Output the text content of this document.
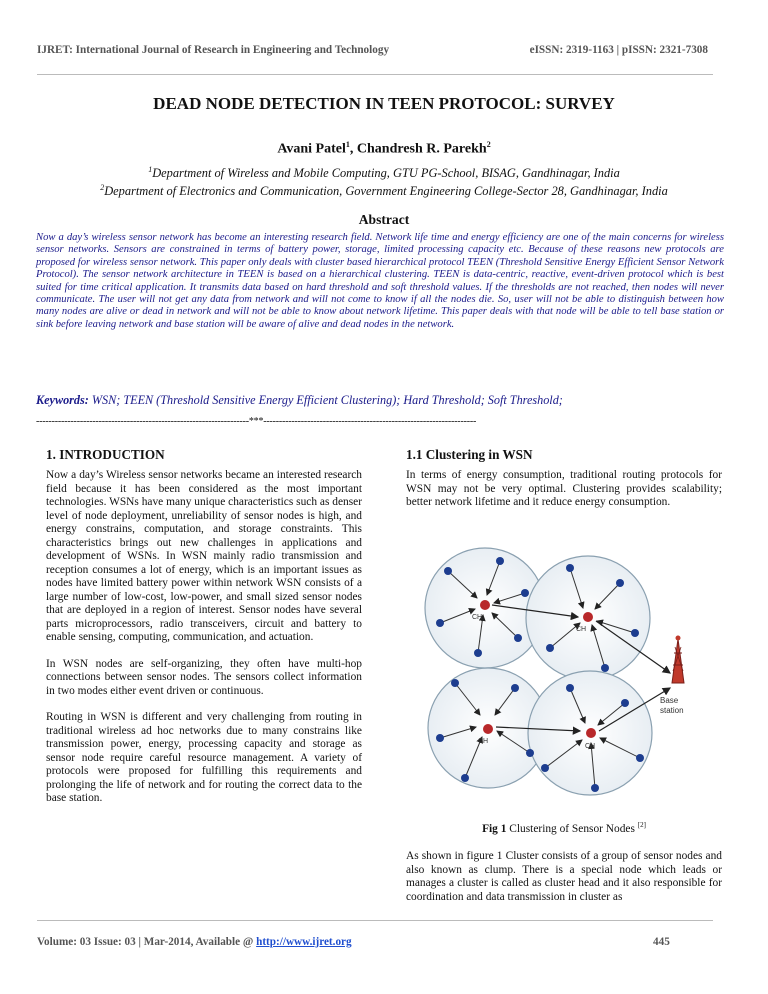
IJRET: International Journal of Research in Engineering and Technology	eISSN: 2319-1163 | pISSN: 2321-7308
DEAD NODE DETECTION IN TEEN PROTOCOL: SURVEY
Avani Patel$^1$, Chandresh R. Parekh$^2$
$^1$Department of Wireless and Mobile Computing, GTU PG-School, BISAG, Gandhinagar, India
$^2$Department of Electronics and Communication, Government Engineering College-Sector 28, Gandhinagar, India
Abstract
Now a day’s wireless sensor network has become an interesting research field. Network life time and energy efficiency are one of the main concerns for wireless sensor networks. Sensors are constrained in terms of battery power, storage, limited processing capacity etc. Because of these reasons new protocols are proposed for wireless sensor network. This paper only deals with cluster based hierarchical protocol TEEN (Threshold Sensitive Energy Efficient Sensor Network Protocol). The sensor network architecture in TEEN is based on a hierarchical clustering. TEEN is data-centric, reactive, event-driven protocol which is best suited for time critical application. It transmits data based on hard threshold and soft threshold values. If the thresholds are not reached, then nodes will never communicate. The user will not get any data from network and will not come to know if all the nodes die. So, user will not be able to distinguish between how many nodes are alive or dead in network and will not be able to know about network lifetime. This paper deals with that node will be able to tell base station or sink before leaving network and base station will be aware of alive and dead nodes in the network.
Keywords: WSN; TEEN (Threshold Sensitive Energy Efficient Clustering); Hard Threshold; Soft Threshold;
--------------------------------------------------------------------***--------------------------------------------------------------------
1. INTRODUCTION

Now a day’s Wireless sensor networks became an interested research field because it has been considered as the most important technologies. WSNs have many unique characteristics such as denser level of node deployment, unreliability of sensor nodes is high, and energy constrains, computation, and storage constraints. This characteristics brings out new challenges in applications and development of WSNs. In WSN mainly radio transmission and reception consumes a lot of energy, which is an important issues as nodes have limited battery power within network WSN consists of a large number of low-cost, low-power, and small sized sensor nodes that are deployed in a region of interest. Sensor nodes have several parts microprocessors, radio transceivers, circuit and battery to enable sensing, computing, communication, and actuation.

In WSN nodes are self-organizing, they often have multi-hop connections between sensor nodes. The sensors collect information in two modes either event driven or continuous.

Routing in WSN is different and very challenging from routing in traditional wireless ad hoc networks due to many constrains like transmission power, energy, processing capacity and storage as sensor node require careful resource management. A variety of protocols were proposed for fulfilling this requirements and prolonging the life of network and for routing the correct data to the base station.

1.1 Clustering in WSN
In terms of energy consumption, traditional routing protocols for WSN may not be very optimal. Clustering provides scalability; better network lifetime and it reduce energy consumption.
CH
CH
CH
CH
Base
station
Fig 1 Clustering of Sensor Nodes [2]
As shown in figure 1 Cluster consists of a group of sensor nodes and also known as clump. There is a special node which leads or manages a cluster is called as cluster head and it also responsible for coordination and data transmission in cluster as
Volume: 03 Issue: 03 | Mar-2014, Available @ http://www.ijret.org	445
